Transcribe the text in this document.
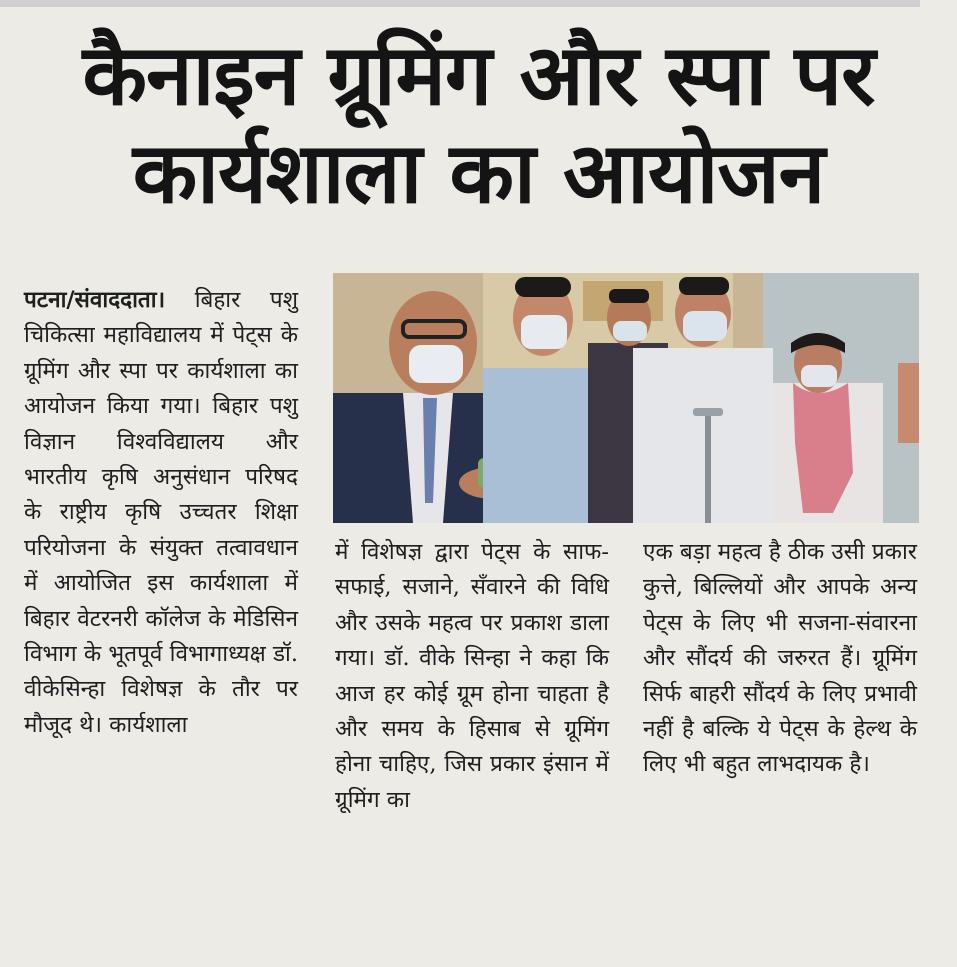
कैनाइन ग्रूमिंग और स्पा पर
कार्यशाला का आयोजन

पटना/संवाददाता। बिहार पशु चिकित्सा महाविद्यालय में पेट्स के ग्रूमिंग और स्पा पर कार्यशाला का आयोजन किया गया। बिहार पशु विज्ञान विश्वविद्यालय और भारतीय कृषि अनुसंधान परिषद के राष्ट्रीय कृषि उच्चतर शिक्षा परियोजना के संयुक्त तत्वावधान में आयोजित इस कार्यशाला में बिहार वेटरनरी कॉलेज के मेडिसिन विभाग के भूतपूर्व विभागाध्यक्ष डॉ. वीकेसिन्हा विशेषज्ञ के तौर पर मौजूद थे। कार्यशाला

में विशेषज्ञ द्वारा पेट्स के साफ-सफाई, सजाने, सँवारने की विधि और उसके महत्व पर प्रकाश डाला गया। डॉ. वीके सिन्हा ने कहा कि आज हर कोई ग्रूम होना चाहता है और समय के हिसाब से ग्रूमिंग होना चाहिए, जिस प्रकार इंसान में ग्रूमिंग का

एक बड़ा महत्व है ठीक उसी प्रकार कुत्ते, बिल्लियों और आपके अन्य पेट्स के लिए भी सजना-संवारना और सौंदर्य की जरुरत हैं। ग्रूमिंग सिर्फ बाहरी सौंदर्य के लिए प्रभावी नहीं है बल्कि ये पेट्स के हेल्थ के लिए भी बहुत लाभदायक है।
